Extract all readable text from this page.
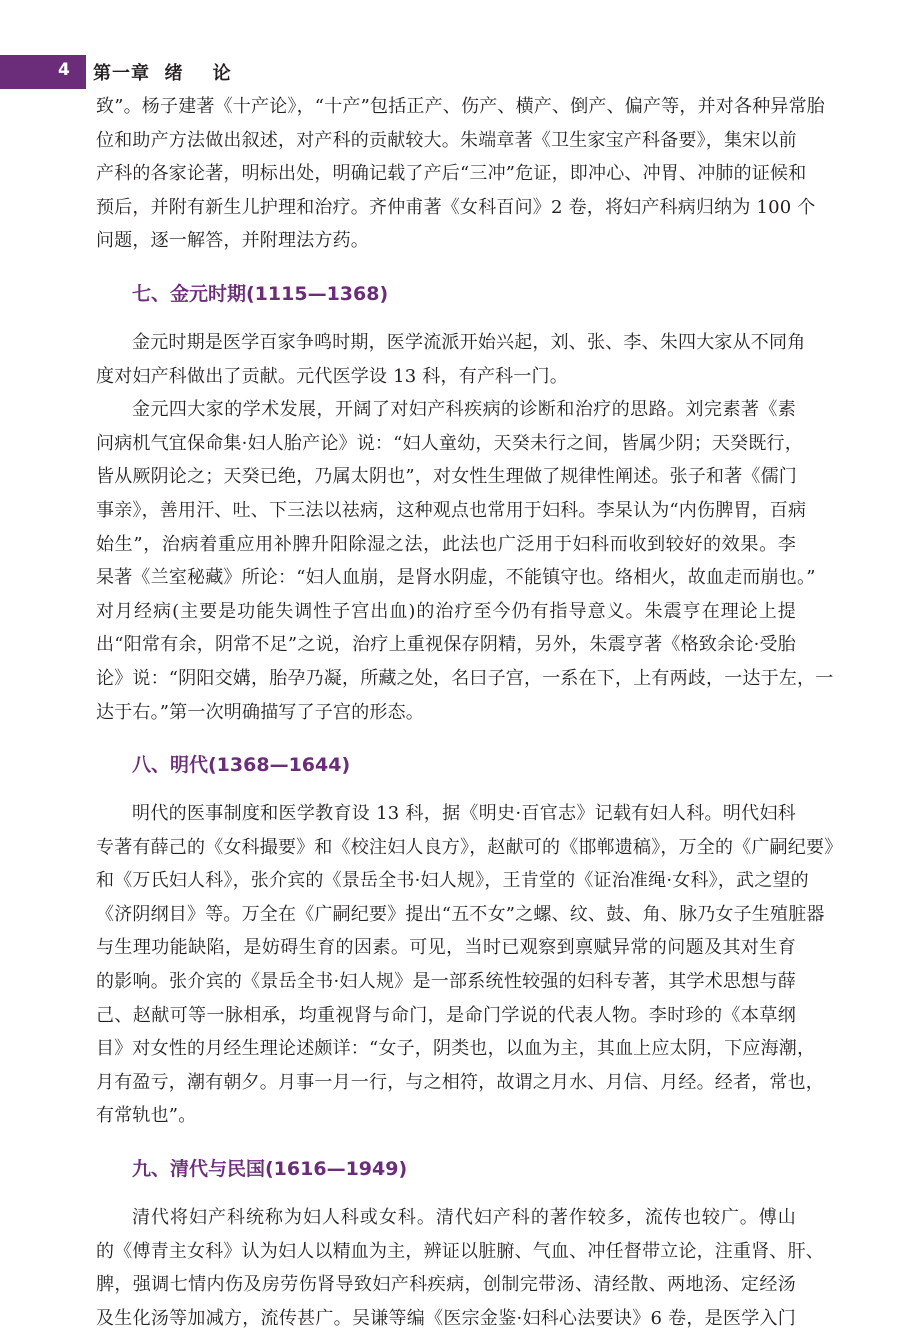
4 第一章  绪    论
致”。杨子建著《十产论》，“十产”包括正产、伤产、横产、倒产、偏产等，并对各种异常胎
位和助产方法做出叙述，对产科的贡献较大。朱端章著《卫生家宝产科备要》，集宋以前
产科的各家论著，明标出处，明确记载了产后“三冲”危证，即冲心、冲胃、冲肺的证候和
预后，并附有新生儿护理和治疗。齐仲甫著《女科百问》2 卷，将妇产科病归纳为 100 个
问题，逐一解答，并附理法方药。
七、金元时期(1115—1368)
金元时期是医学百家争鸣时期，医学流派开始兴起，刘、张、李、朱四大家从不同角
度对妇产科做出了贡献。元代医学设 13 科，有产科一门。
金元四大家的学术发展，开阔了对妇产科疾病的诊断和治疗的思路。刘完素著《素
问病机气宜保命集·妇人胎产论》说：“妇人童幼，天癸未行之间，皆属少阴；天癸既行，
皆从厥阴论之；天癸已绝，乃属太阴也”，对女性生理做了规律性阐述。张子和著《儒门
事亲》，善用汗、吐、下三法以祛病，这种观点也常用于妇科。李杲认为“内伤脾胃，百病
始生”，治病着重应用补脾升阳除湿之法，此法也广泛用于妇科而收到较好的效果。李
杲著《兰室秘藏》所论：“妇人血崩，是肾水阴虚，不能镇守也。络相火，故血走而崩也。”
对月经病(主要是功能失调性子宫出血)的治疗至今仍有指导意义。朱震亨在理论上提
出“阳常有余，阴常不足”之说，治疗上重视保存阴精，另外，朱震亨著《格致余论·受胎
论》说：“阴阳交媾，胎孕乃凝，所藏之处，名曰子宫，一系在下，上有两歧，一达于左，一
达于右。”第一次明确描写了子宫的形态。
八、明代(1368—1644)
明代的医事制度和医学教育设 13 科，据《明史·百官志》记载有妇人科。明代妇科
专著有薛己的《女科撮要》和《校注妇人良方》，赵献可的《邯郸遗稿》，万全的《广嗣纪要》
和《万氏妇人科》，张介宾的《景岳全书·妇人规》，王肯堂的《证治准绳·女科》，武之望的
《济阴纲目》等。万全在《广嗣纪要》提出“五不女”之螺、纹、鼓、角、脉乃女子生殖脏器
与生理功能缺陷，是妨碍生育的因素。可见，当时已观察到禀赋异常的问题及其对生育
的影响。张介宾的《景岳全书·妇人规》是一部系统性较强的妇科专著，其学术思想与薛
己、赵献可等一脉相承，均重视肾与命门，是命门学说的代表人物。李时珍的《本草纲
目》对女性的月经生理论述颇详：“女子，阴类也，以血为主，其血上应太阴，下应海潮，
月有盈亏，潮有朝夕。月事一月一行，与之相符，故谓之月水、月信、月经。经者，常也，
有常轨也”。
九、清代与民国(1616—1949)
清代将妇产科统称为妇人科或女科。清代妇产科的著作较多，流传也较广。傅山
的《傅青主女科》认为妇人以精血为主，辨证以脏腑、气血、冲任督带立论，注重肾、肝、
脾，强调七情内伤及房劳伤肾导致妇产科疾病，创制完带汤、清经散、两地汤、定经汤
及生化汤等加减方，流传甚广。吴谦等编《医宗金鉴·妇科心法要诀》6 卷，是医学入门
